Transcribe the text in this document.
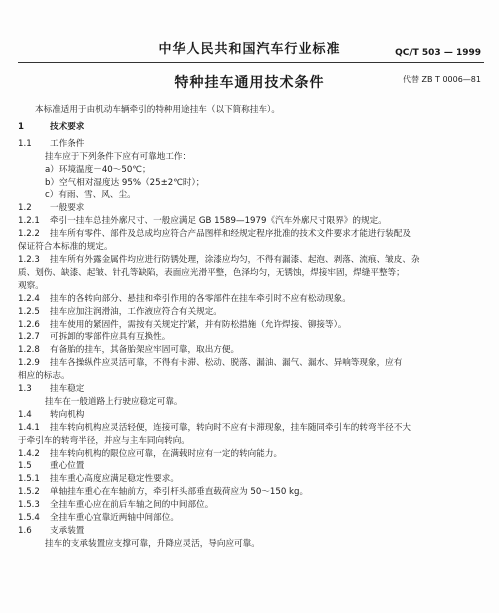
中华人民共和国汽车行业标准	QC/T 503 — 1999
特种挂车通用技术条件	代替 ZB T 0006—81
本标准适用于由机动车辆牵引的特种用途挂车（以下简称挂车）。
1	技术要求
1.1 工作条件
挂车应于下列条件下应有可靠地工作：
a）环境温度－40～50℃；
b）空气相对湿度达 95%（25±2℃时）；
c）有雨、雪、风、尘。
1.2 一般要求
1.2.1 牵引一挂车总挂外廓尺寸、一般应满足 GB 1589—1979《汽车外廓尺寸限界》的规定。
1.2.2 挂车所有零件、部件及总成均应符合产品图样和经规定程序批准的技术文件要求才能进行装配及
保证符合本标准的规定。
1.2.3 挂车所有外露金属件均应进行防锈处理，涂漆应均匀，不得有漏漆、起泡、剥落、流痕、皱皮、杂
质、划伤、缺漆、起皱、针孔等缺陷，表面应光滑平整，色泽均匀，无锈蚀，焊接牢固，焊缝平整等；
观察。
1.2.4 挂车的各转向部分、悬挂和牵引作用的各零部件在挂车牵引时不应有松动现象。
1.2.5 挂车应加注润滑油，工作液应符合有关规定。
1.2.6 挂车使用的紧固件，需按有关规定拧紧，并有防松措施（允许焊接、铆接等）。
1.2.7 可拆卸的零部件应具有互换性。
1.2.8 有备胎的挂车，其备胎架应牢固可靠，取出方便。
1.2.9 挂车各操纵件应灵活可靠，不得有卡滞、松动、脱落、漏油、漏气、漏水、异响等现象，应有
相应的标志。
1.3 挂车稳定
挂车在一般道路上行驶应稳定可靠。
1.4 转向机构
1.4.1 挂车转向机构应灵活轻便，连接可靠，转向时不应有卡滞现象，挂车随同牵引车的转弯半径不大
于牵引车的转弯半径，并应与主车同向转向。
1.4.2 挂车转向机构的限位应可靠，在满载时应有一定的转向能力。
1.5 重心位置
1.5.1 挂车重心高度应满足稳定性要求。
1.5.2 单轴挂车重心在车轴前方，牵引杆头部垂直载荷应为 50～150 kg。
1.5.3 全挂车重心应在前后车轴之间的中间部位。
1.5.4 全挂车重心宜靠近两轴中间部位。
1.6 支承装置
挂车的支承装置应支撑可靠，升降应灵活，导向应可靠。
